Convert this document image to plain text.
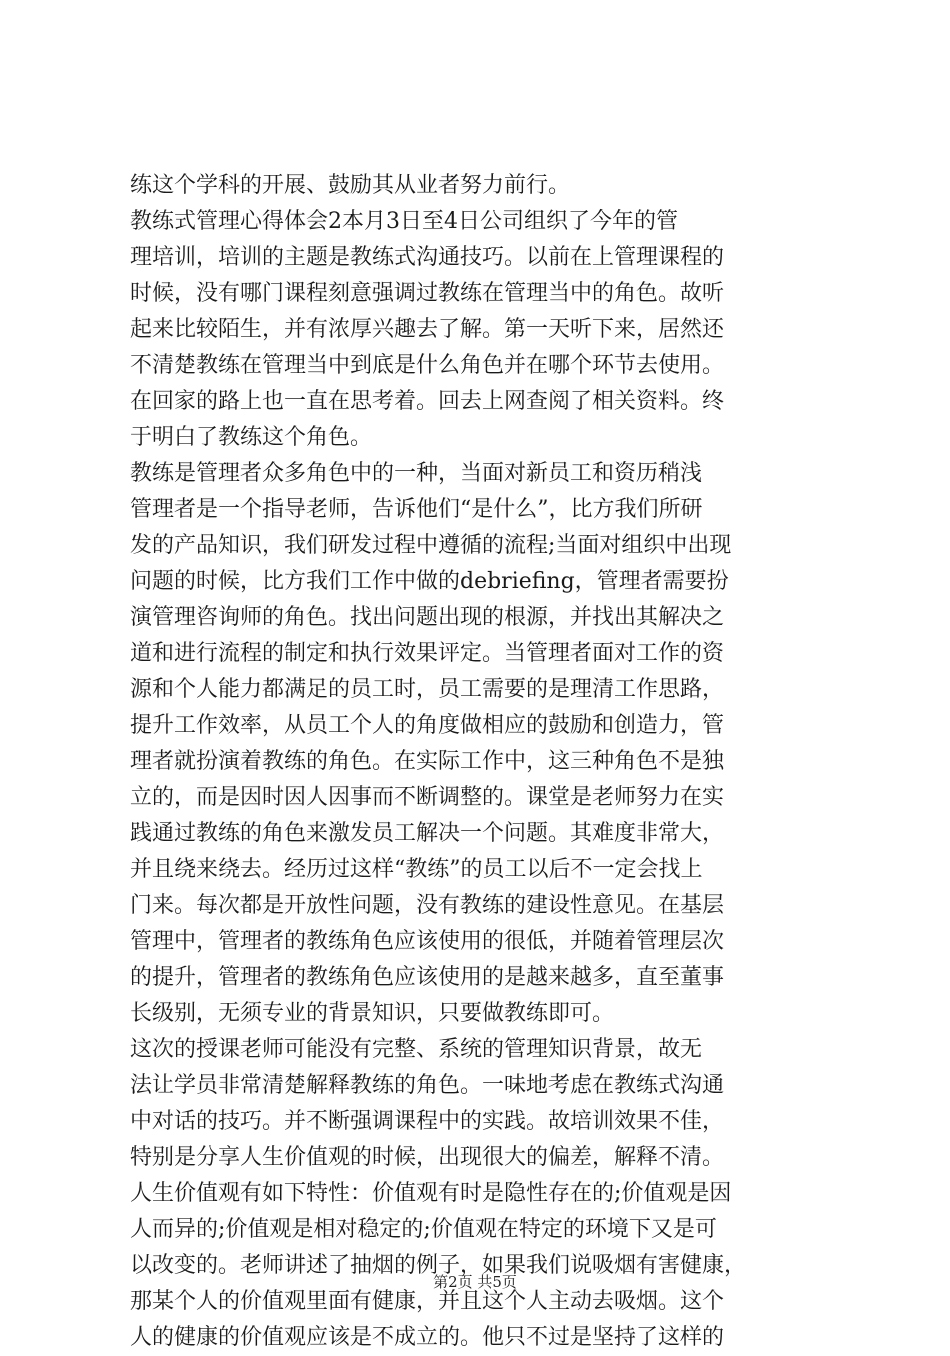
练这个学科的开展、鼓励其从业者努力前行。
教练式管理心得体会2本月3日至4日公司组织了今年的管
理培训，培训的主题是教练式沟通技巧。以前在上管理课程的
时候，没有哪门课程刻意强调过教练在管理当中的角色。故听
起来比较陌生，并有浓厚兴趣去了解。第一天听下来，居然还
不清楚教练在管理当中到底是什么角色并在哪个环节去使用。
在回家的路上也一直在思考着。回去上网查阅了相关资料。终
于明白了教练这个角色。
教练是管理者众多角色中的一种，当面对新员工和资历稍浅
管理者是一个指导老师，告诉他们“是什么”，比方我们所研
发的产品知识，我们研发过程中遵循的流程;当面对组织中出现
问题的时候，比方我们工作中做的debriefing，管理者需要扮
演管理咨询师的角色。找出问题出现的根源，并找出其解决之
道和进行流程的制定和执行效果评定。当管理者面对工作的资
源和个人能力都满足的员工时，员工需要的是理清工作思路，
提升工作效率，从员工个人的角度做相应的鼓励和创造力，管
理者就扮演着教练的角色。在实际工作中，这三种角色不是独
立的，而是因时因人因事而不断调整的。课堂是老师努力在实
践通过教练的角色来激发员工解决一个问题。其难度非常大，
并且绕来绕去。经历过这样“教练”的员工以后不一定会找上
门来。每次都是开放性问题，没有教练的建设性意见。在基层
管理中，管理者的教练角色应该使用的很低，并随着管理层次
的提升，管理者的教练角色应该使用的是越来越多，直至董事
长级别，无须专业的背景知识，只要做教练即可。
这次的授课老师可能没有完整、系统的管理知识背景，故无
法让学员非常清楚解释教练的角色。一味地考虑在教练式沟通
中对话的技巧。并不断强调课程中的实践。故培训效果不佳，
特别是分享人生价值观的时候，出现很大的偏差，解释不清。
人生价值观有如下特性：价值观有时是隐性存在的;价值观是因
人而异的;价值观是相对稳定的;价值观在特定的环境下又是可
以改变的。老师讲述了抽烟的例子，如果我们说吸烟有害健康，
那某个人的价值观里面有健康，并且这个人主动去吸烟。这个
人的健康的价值观应该是不成立的。他只不过是坚持了这样的
第2页 共5页
